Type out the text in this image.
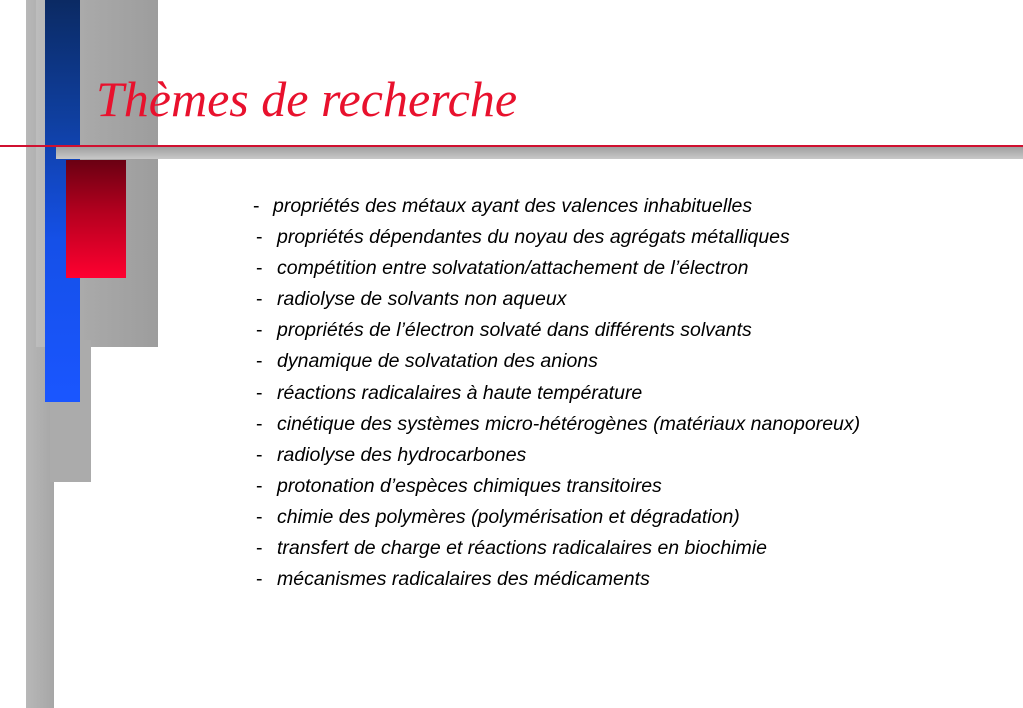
Thèmes de recherche
- propriétés des métaux ayant des valences inhabituelles
- propriétés dépendantes du noyau des agrégats métalliques
- compétition entre solvatation/attachement de l’électron
- radiolyse de solvants non aqueux
- propriétés de l’électron solvaté dans différents solvants
- dynamique de solvatation des anions
- réactions radicalaires à haute température
- cinétique des systèmes micro-hétérogènes (matériaux nanoporeux)
- radiolyse des hydrocarbones
- protonation d’espèces chimiques transitoires
- chimie des polymères (polymérisation et dégradation)
- transfert de charge et réactions radicalaires en biochimie
- mécanismes radicalaires des médicaments
